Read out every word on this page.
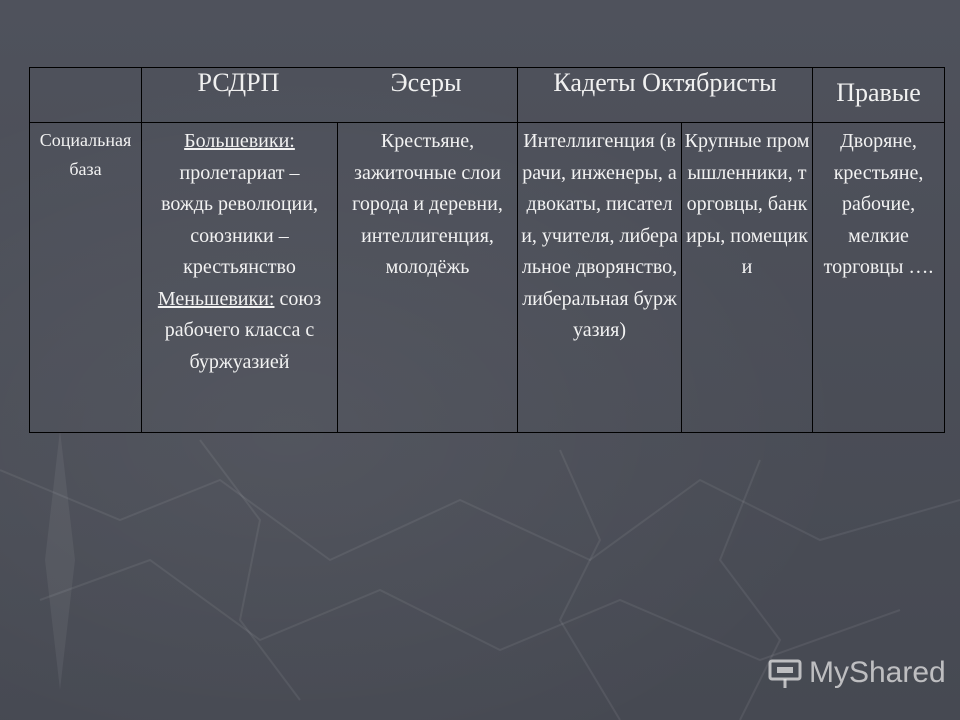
	РСДРП Эсеры		Кадеты Октябристы		Правые
Социальная база	Большевики: пролетариат – вождь революции, союзники – крестьянство Меньшевики: союз рабочего класса с буржуазией	Крестьяне, зажиточные слои города и деревни, интеллигенция, молодёжь	Интеллигенция (врачи, инженеры, адвокаты, писатели, учителя, либеральное дворянство, либеральная буржуазия)	Крупные промышленники, торговцы, банкиры, помещики	Дворяне, крестьяне, рабочие, мелкие торговцы ….
MyShared
